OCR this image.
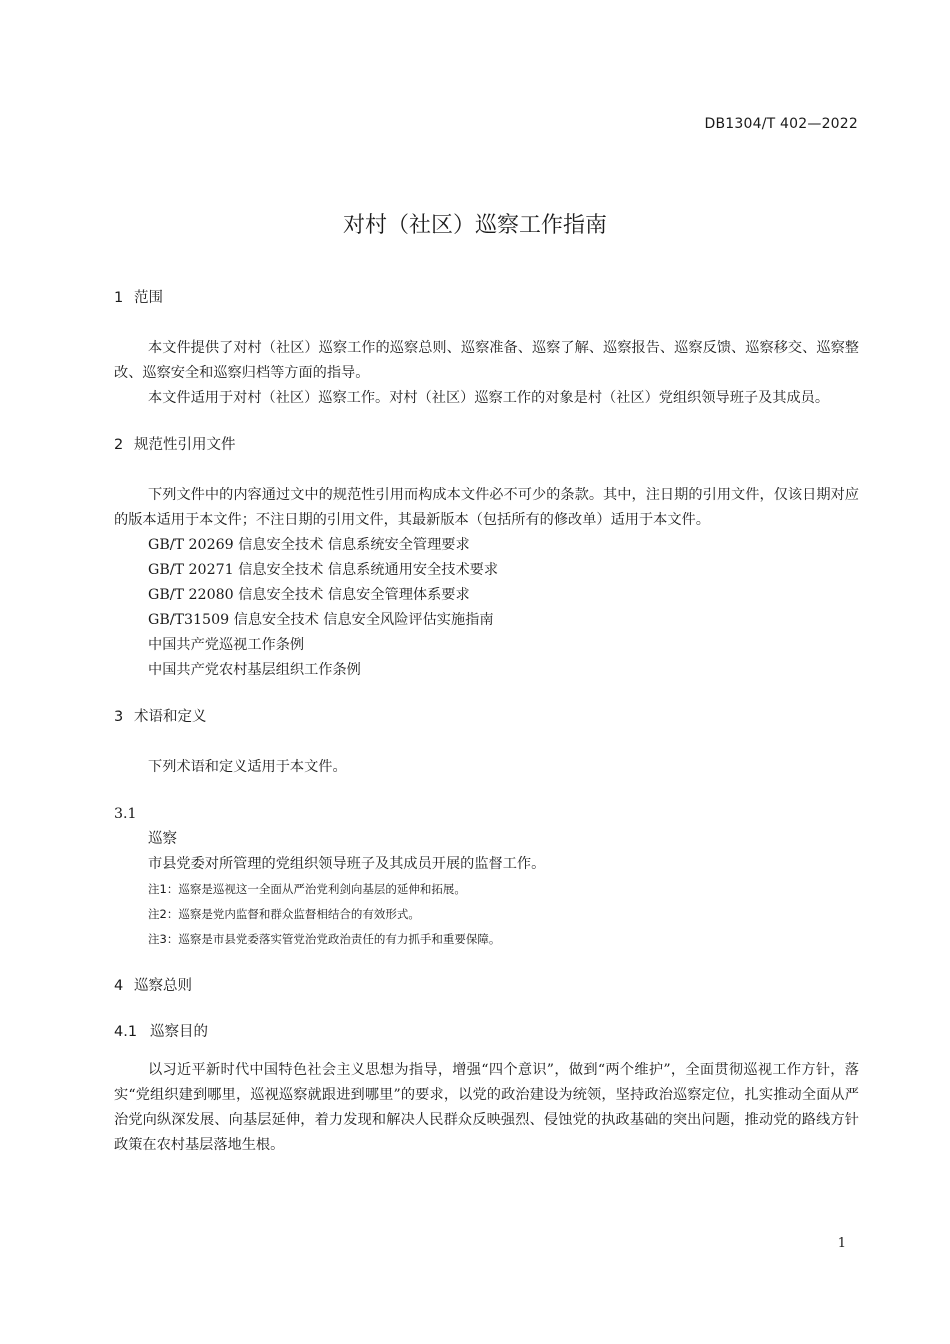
DB1304/T 402—2022
对村（社区）巡察工作指南
1 范围

本文件提供了对村（社区）巡察工作的巡察总则、巡察准备、巡察了解、巡察报告、巡察反馈、巡察移交、巡察整改、巡察安全和巡察归档等方面的指导。

本文件适用于对村（社区）巡察工作。对村（社区）巡察工作的对象是村（社区）党组织领导班子及其成员。

2 规范性引用文件

下列文件中的内容通过文中的规范性引用而构成本文件必不可少的条款。其中，注日期的引用文件，仅该日期对应的版本适用于本文件；不注日期的引用文件，其最新版本（包括所有的修改单）适用于本文件。

GB/T 20269 信息安全技术 信息系统安全管理要求

GB/T 20271 信息安全技术 信息系统通用安全技术要求

GB/T 22080 信息安全技术 信息安全管理体系要求

GB/T31509 信息安全技术 信息安全风险评估实施指南

中国共产党巡视工作条例

中国共产党农村基层组织工作条例

3 术语和定义

下列术语和定义适用于本文件。

3.1

巡察

市县党委对所管理的党组织领导班子及其成员开展的监督工作。

注1：巡察是巡视这一全面从严治党利剑向基层的延伸和拓展。

注2：巡察是党内监督和群众监督相结合的有效形式。

注3：巡察是市县党委落实管党治党政治责任的有力抓手和重要保障。

4 巡察总则
4.1 巡察目的

以习近平新时代中国特色社会主义思想为指导，增强“四个意识”，做到“两个维护”，全面贯彻巡视工作方针，落实“党组织建到哪里，巡视巡察就跟进到哪里”的要求，以党的政治建设为统领，坚持政治巡察定位，扎实推动全面从严治党向纵深发展、向基层延伸，着力发现和解决人民群众反映强烈、侵蚀党的执政基础的突出问题，推动党的路线方针政策在农村基层落地生根。

1
